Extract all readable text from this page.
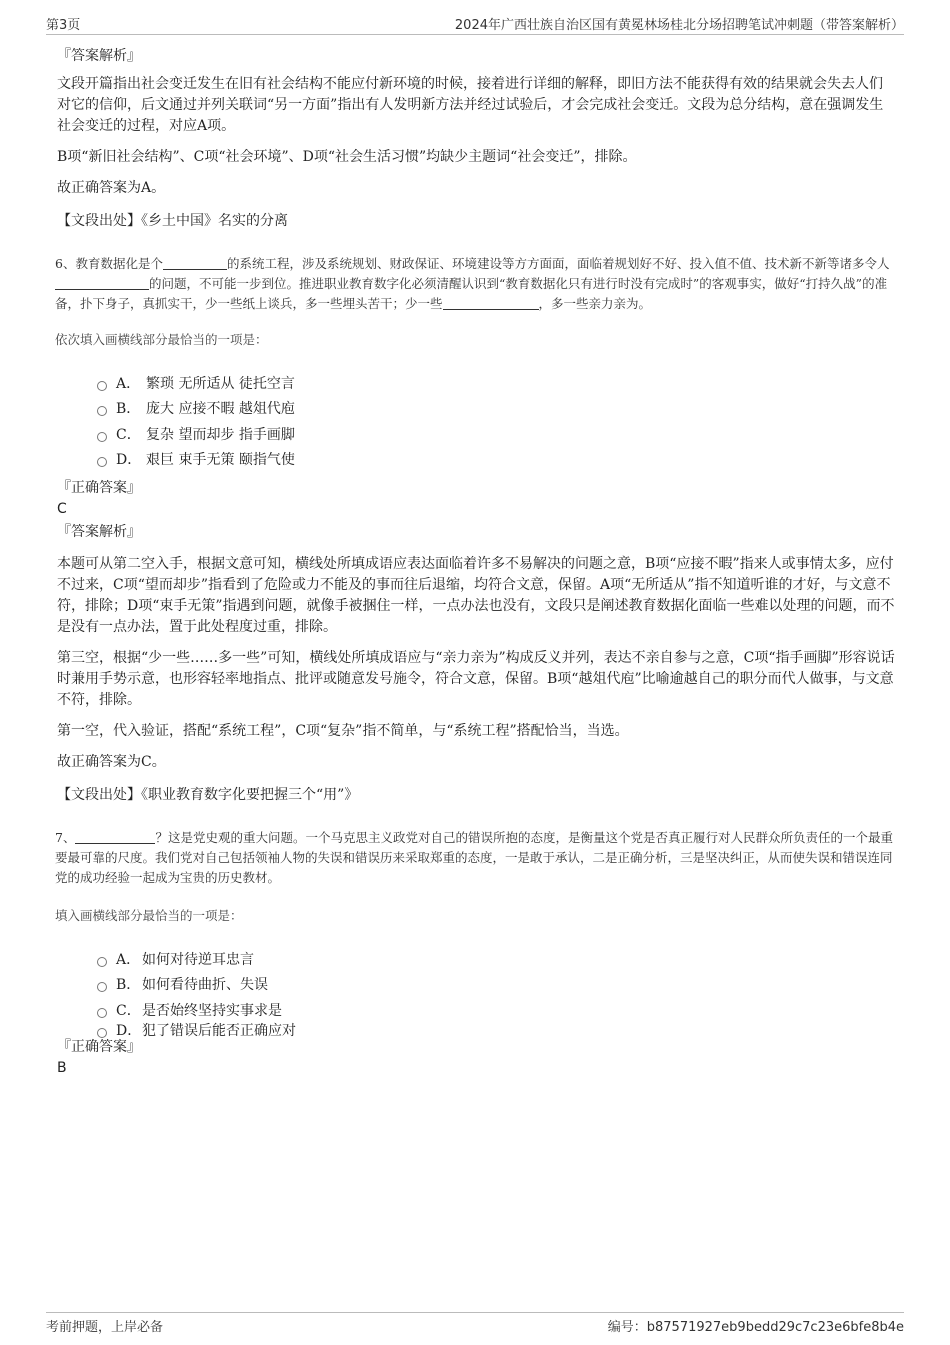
第3页	2024年广西壮族自治区国有黄冕林场桂北分场招聘笔试冲刺题（带答案解析）
『答案解析』

文段开篇指出社会变迁发生在旧有社会结构不能应付新环境的时候，接着进行详细的解释，即旧方法不能获得有效的结果就会失去人们对它的信仰，后文通过并列关联词“另一方面”指出有人发明新方法并经过试验后，才会完成社会变迁。文段为总分结构，意在强调发生社会变迁的过程，对应A项。

B项“新旧社会结构”、C项“社会环境”、D项“社会生活习惯”均缺少主题词“社会变迁”，排除。

故正确答案为A。

【文段出处】《乡土中国》名实的分离

6、教育数据化是个	的系统工程，涉及系统规划、财政保证、环境建设等方方面面，面临着规划好不好、投入值不值、技术新不新等诸多令人的问题，不可能一步到位。推进职业教育数字化必须清醒认识到“教育数据化只有进行时没有完成时”的客观事实，做好“打持久战”的准备，扑下身子，真抓实干，少一些纸上谈兵，多一些埋头苦干；少一些	，多一些亲力亲为。
依次填入画横线部分最恰当的一项是：
A． 繁琐 无所适从 徒托空言
B． 庞大 应接不暇 越俎代庖
C． 复杂 望而却步 指手画脚
D． 艰巨 束手无策 颐指气使
『正确答案』
C
『答案解析』

本题可从第二空入手，根据文意可知，横线处所填成语应表达面临着许多不易解决的问题之意，B项“应接不暇”指来人或事情太多，应付不过来，C项“望而却步”指看到了危险或力不能及的事而往后退缩，均符合文意，保留。A项“无所适从”指不知道听谁的才好，与文意不符，排除；D项“束手无策”指遇到问题，就像手被捆住一样，一点办法也没有，文段只是阐述教育数据化面临一些难以处理的问题，而不是没有一点办法，置于此处程度过重，排除。

第三空，根据“少一些……多一些”可知，横线处所填成语应与“亲力亲为”构成反义并列，表达不亲自参与之意，C项“指手画脚”形容说话时兼用手势示意，也形容轻率地指点、批评或随意发号施令，符合文意，保留。B项“越俎代庖”比喻逾越自己的职分而代人做事，与文意不符，排除。

第一空，代入验证，搭配“系统工程”，C项“复杂”指不简单，与“系统工程”搭配恰当，当选。

故正确答案为C。

【文段出处】《职业教育数字化要把握三个“用”》

7、	？这是党史观的重大问题。一个马克思主义政党对自己的错误所抱的态度，是衡量这个党是否真正履行对人民群众所负责任的一个最重要最可靠的尺度。我们党对自己包括领袖人物的失误和错误历来采取郑重的态度，一是敢于承认，二是正确分析，三是坚决纠正，从而使失误和错误连同党的成功经验一起成为宝贵的历史教材。
填入画横线部分最恰当的一项是：
A． 如何对待逆耳忠言
B． 如何看待曲折、失误
C． 是否始终坚持实事求是
D． 犯了错误后能否正确应对
『正确答案』
B
考前押题，上岸必备	编号：b87571927eb9bedd29c7c23e6bfe8b4e
